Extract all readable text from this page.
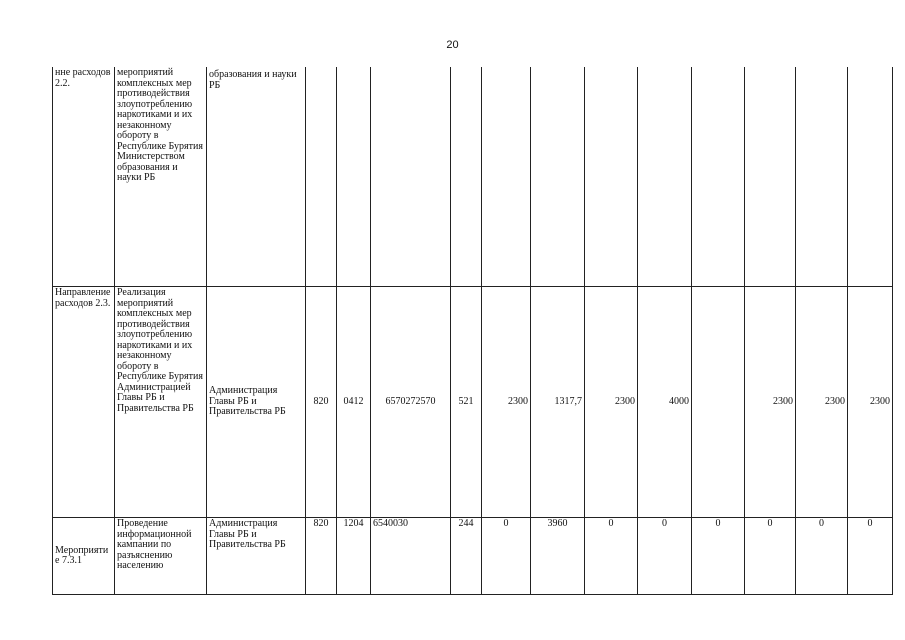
20
нне расходов 2.2.	мероприятий комплексных мер противодействия злоупотреблению наркотиками и их незаконному обороту в Республике Бурятия Министерством образования и науки РБ	образования и науки РБ												
Направление расходов 2.3.	Реализация мероприятий комплексных мер противодействия злоупотреблению наркотиками и их незаконному обороту в Республике Бурятия Администрацией Главы РБ и Правительства РБ	Администрация Главы РБ и Правительства РБ	820	0412	6570272570	521	2300	1317,7	2300	4000		2300	2300	2300
Мероприятие 7.3.1	Проведение информационной кампании по разъяснению населению	Администрация Главы РБ и Правительства РБ	820	1204	6540030	244	0	3960	0	0	0	0	0	0
